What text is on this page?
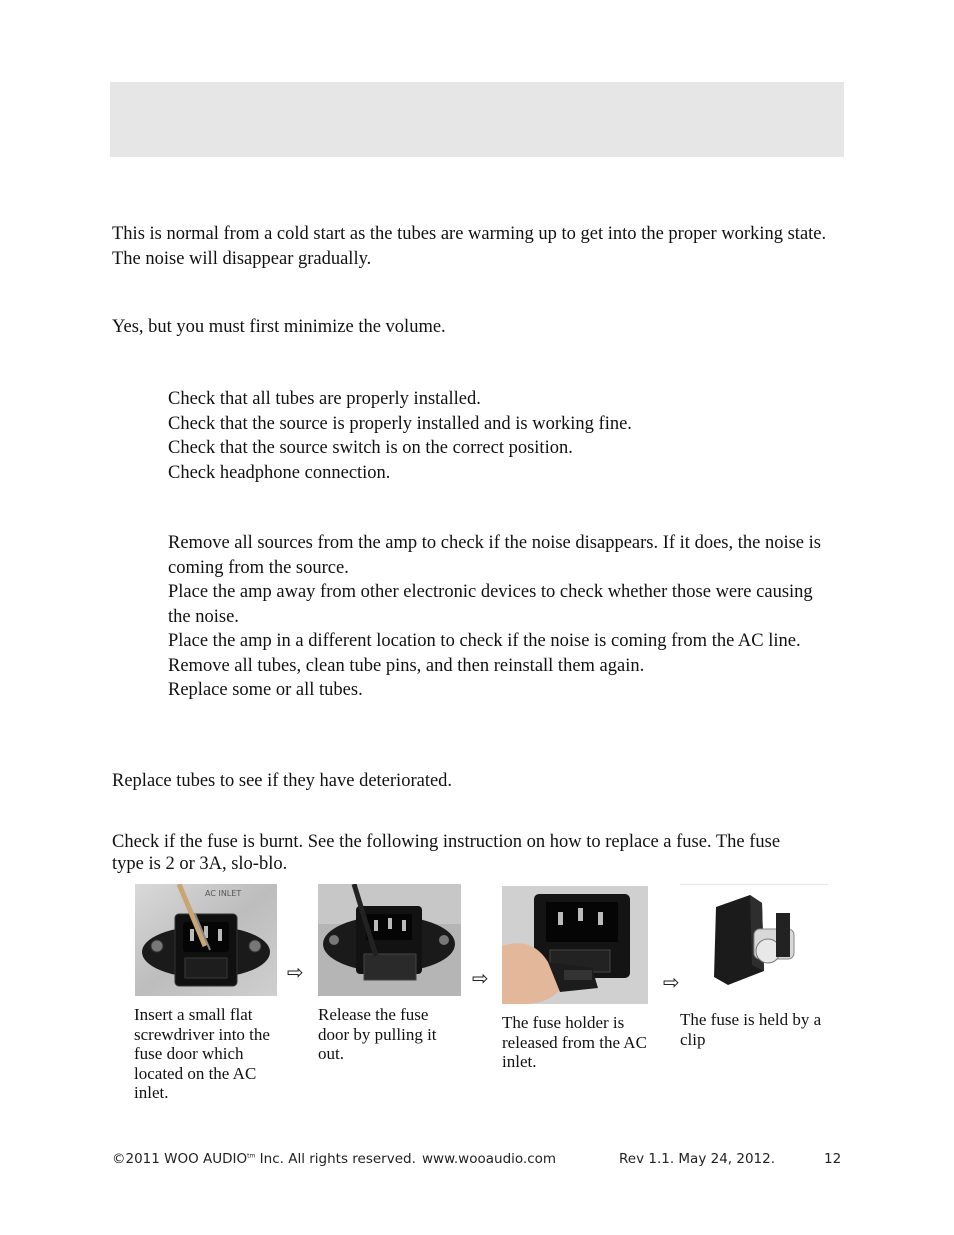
This is normal from a cold start as the tubes are warming up to get into the proper working state. The noise will disappear gradually.
Yes, but you must first minimize the volume.
Check that all tubes are properly installed.
Check that the source is properly installed and is working fine.
Check that the source switch is on the correct position.
Check headphone connection.
Remove all sources from the amp to check if the noise disappears. If it does, the noise is coming from the source.
Place the amp away from other electronic devices to check whether those were causing the noise.
Place the amp in a different location to check if the noise is coming from the AC line.
Remove all tubes, clean tube pins, and then reinstall them again.
Replace some or all tubes.
Replace tubes to see if they have deteriorated.
Check if the fuse is burnt. See the following instruction on how to replace a fuse. The fuse type is 2 or 3A, slo-blo.
AC INLET
⇨
Insert a small flat screwdriver into the fuse door which located on the AC inlet.
⇨
Release the fuse door by pulling it out.
⇨
The fuse holder is released from the AC inlet.
The fuse is held by a clip
©2011 WOO $AUDIO^{tm}$ Inc. All rights reserved. www.wooaudio.com	Rev 1.1. May 24, 2012.	12
